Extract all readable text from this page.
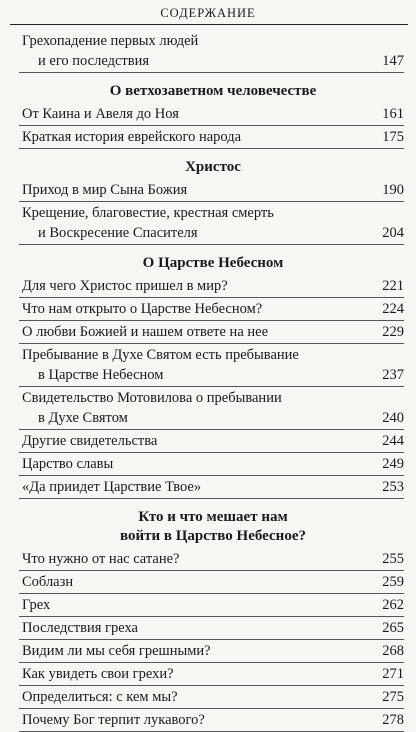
СОДЕРЖАНИЕ
Грехопадение первых людей
и его последствия	147
О ветхозаветном человечестве
От Каина и Авеля до Ноя	161
Краткая история еврейского народа	175
Христос
Приход в мир Сына Божия	190
Крещение, благовестие, крестная смерть
и Воскресение Спасителя	204
О Царстве Небесном
Для чего Христос пришел в мир?	221
Что нам открыто о Царстве Небесном?	224
О любви Божией и нашем ответе на нее	229
Пребывание в Духе Святом есть пребывание
в Царстве Небесном	237
Свидетельство Мотовилова о пребывании
в Духе Святом	240
Другие свидетельства	244
Царство славы	249
«Да приидет Царствие Твое»	253
Кто и что мешает нам
войти в Царство Небесное?
Что нужно от нас сатане?	255
Соблазн	259
Грех	262
Последствия греха	265
Видим ли мы себя грешными?	268
Как увидеть свои грехи?	271
Определиться: с кем мы?	275
Почему Бог терпит лукавого?	278
